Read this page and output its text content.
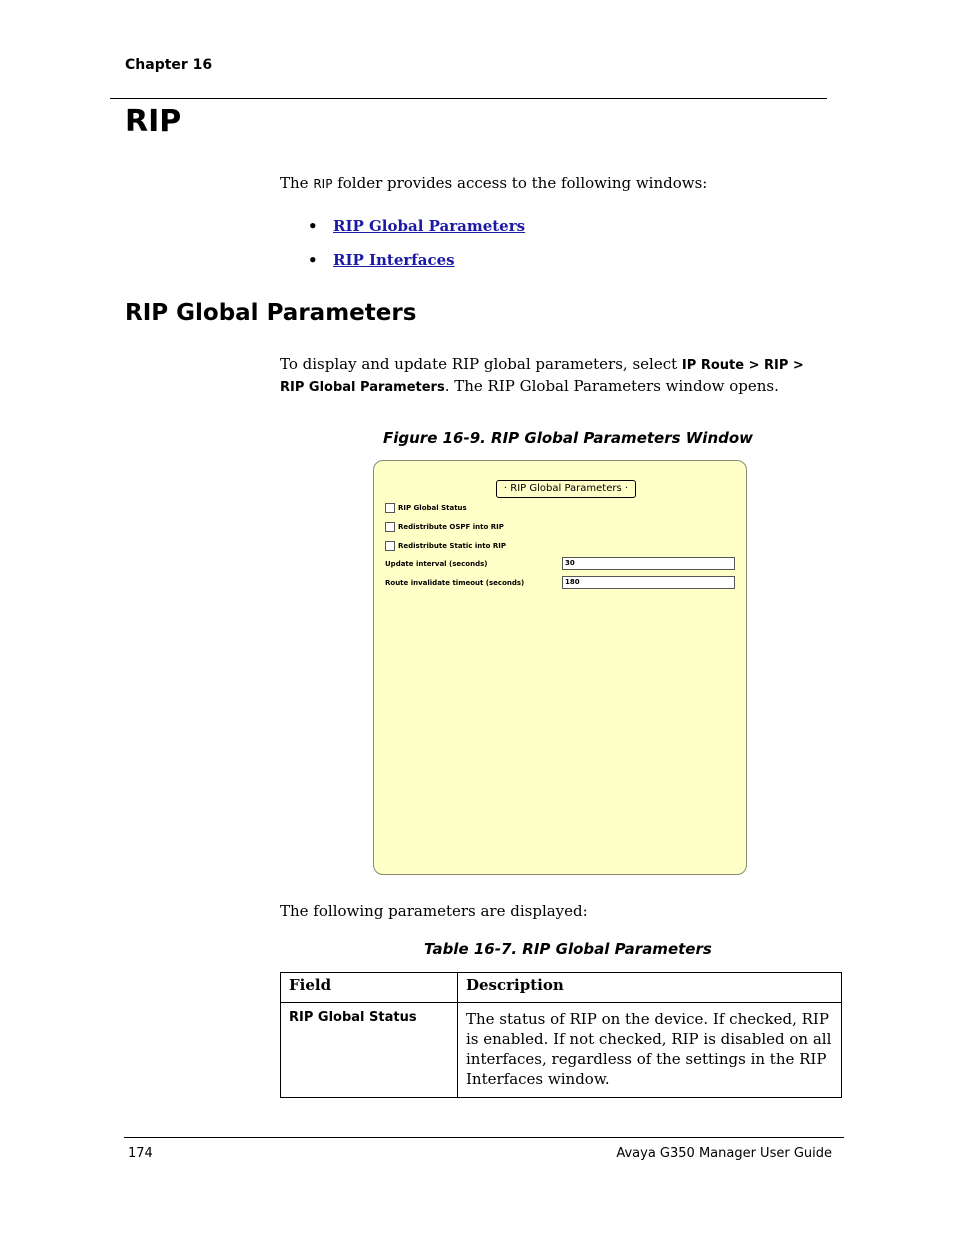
Chapter 16
RIP
The RIP folder provides access to the following windows:
• RIP Global Parameters
• RIP Interfaces
RIP Global Parameters
To display and update RIP global parameters, select IP Route > RIP > RIP Global Parameters. The RIP Global Parameters window opens.
Figure 16-9. RIP Global Parameters Window
· RIP Global Parameters ·
RIP Global Status
Redistribute OSPF into RIP
Redistribute Static into RIP
Update interval (seconds)	30
Route invalidate timeout (seconds)	180
The following parameters are displayed:
Table 16-7. RIP Global Parameters
Field	Description
RIP Global Status	The status of RIP on the device. If checked, RIP is enabled. If not checked, RIP is disabled on all interfaces, regardless of the settings in the RIP Interfaces window.
174	Avaya G350 Manager User Guide
